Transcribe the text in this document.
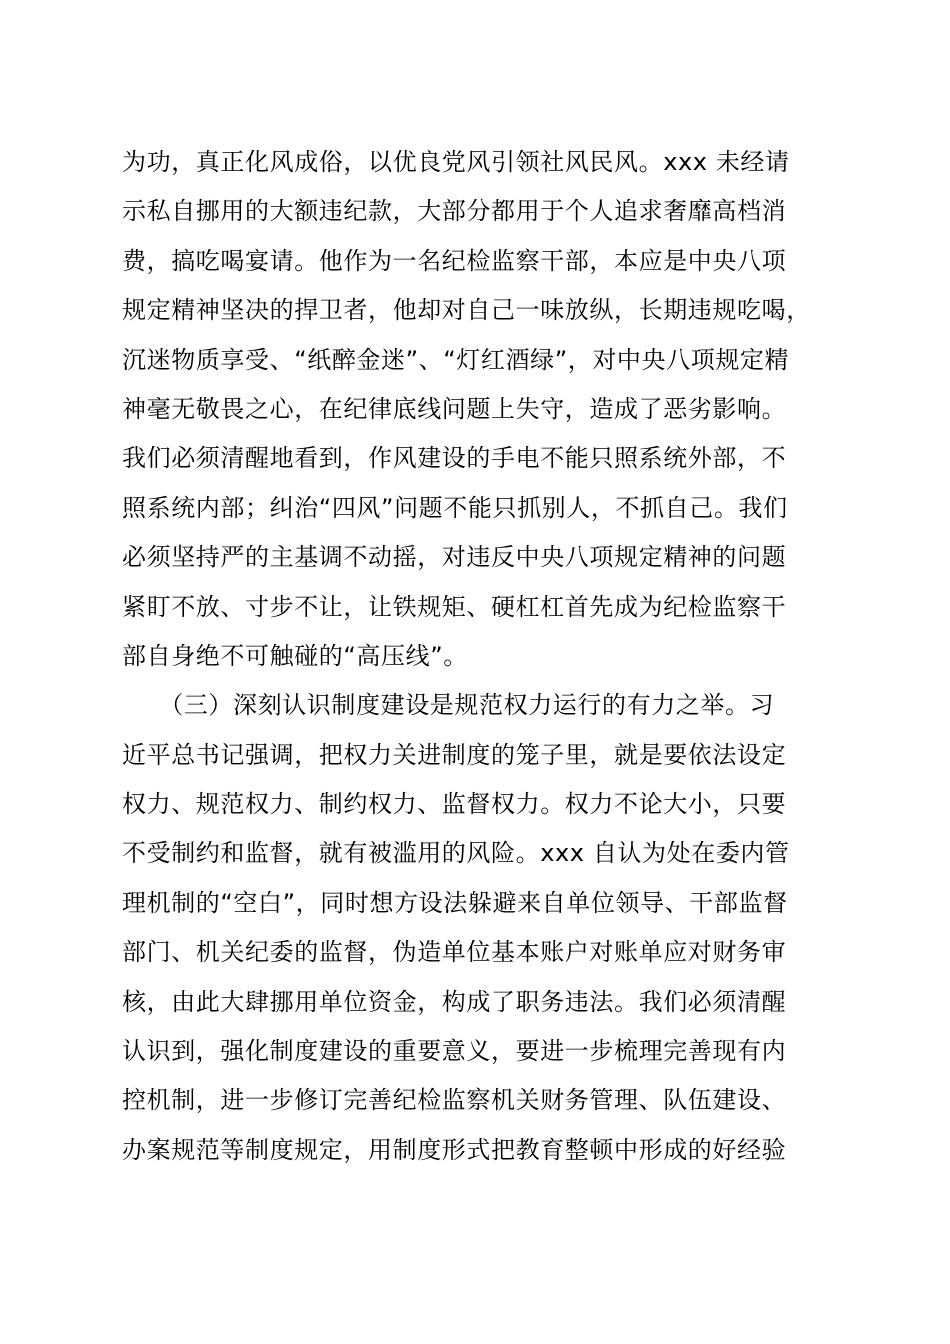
为功，真正化风成俗，以优良党风引领社风民风。xxx 未经请
示私自挪用的大额违纪款，大部分都用于个人追求奢靡高档消
费，搞吃喝宴请。他作为一名纪检监察干部，本应是中央八项
规定精神坚决的捍卫者，他却对自己一味放纵，长期违规吃喝，
沉迷物质享受、“纸醉金迷”、“灯红酒绿”，对中央八项规定精
神毫无敬畏之心，在纪律底线问题上失守，造成了恶劣影响。
我们必须清醒地看到，作风建设的手电不能只照系统外部，不
照系统内部；纠治“四风”问题不能只抓别人，不抓自己。我们
必须坚持严的主基调不动摇，对违反中央八项规定精神的问题
紧盯不放、寸步不让，让铁规矩、硬杠杠首先成为纪检监察干
部自身绝不可触碰的“高压线”。
　　（三）深刻认识制度建设是规范权力运行的有力之举。习
近平总书记强调，把权力关进制度的笼子里，就是要依法设定
权力、规范权力、制约权力、监督权力。权力不论大小，只要
不受制约和监督，就有被滥用的风险。xxx 自认为处在委内管
理机制的“空白”，同时想方设法躲避来自单位领导、干部监督
部门、机关纪委的监督，伪造单位基本账户对账单应对财务审
核，由此大肆挪用单位资金，构成了职务违法。我们必须清醒
认识到，强化制度建设的重要意义，要进一步梳理完善现有内
控机制，进一步修订完善纪检监察机关财务管理、队伍建设、
办案规范等制度规定，用制度形式把教育整顿中形成的好经验
